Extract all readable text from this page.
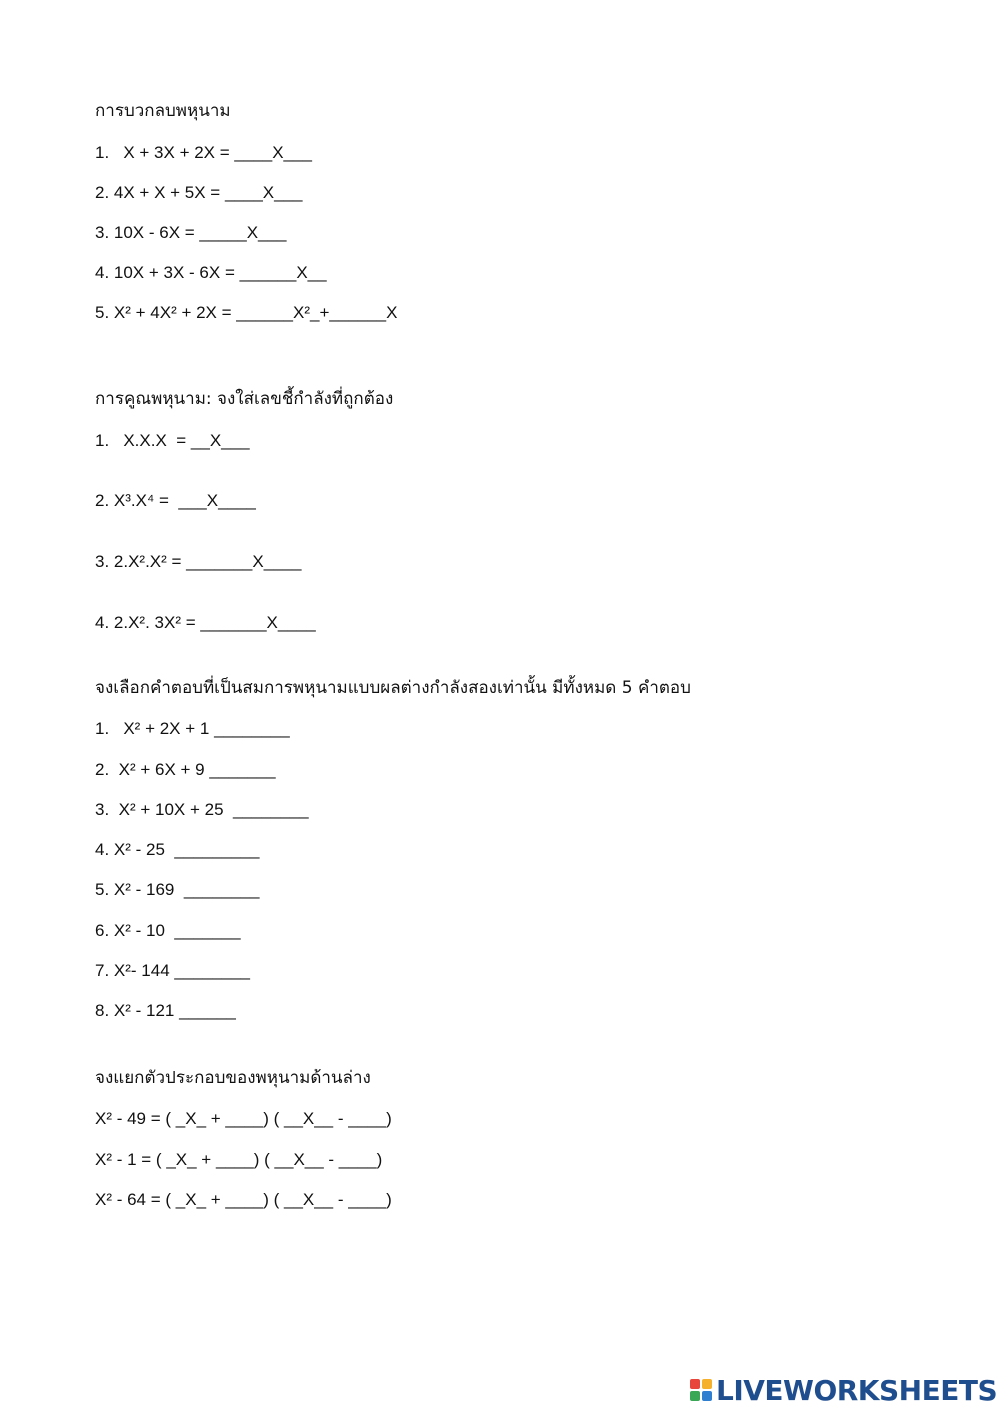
การบวกลบพหุนาม
1.   X + 3X + 2X = ____X___
2. 4X + X + 5X = ____X___
3. 10X - 6X = _____X___
4. 10X + 3X - 6X = ______X__
5. X² + 4X² + 2X = ______X²_+______X
การคูณพหุนาม: จงใส่เลขชี้กำลังที่ถูกต้อง
1.   X.X.X  = __X___
2. X³.X⁴ =  ___X____
3. 2.X².X² = _______X____
4. 2.X². 3X² = _______X____
จงเลือกคำตอบที่เป็นสมการพหุนามแบบผลต่างกำลังสองเท่านั้น มีทั้งหมด 5 คำตอบ
1.   X² + 2X + 1 ________
2.  X² + 6X + 9 _______
3.  X² + 10X + 25  ________
4. X² - 25  _________
5. X² - 169  ________
6. X² - 10  _______
7. X²- 144 ________
8. X² - 121 ______
จงแยกตัวประกอบของพหุนามด้านล่าง
X² - 49 = ( _X_ + ____) ( __X__ - ____)
X² - 1 = ( _X_ + ____) ( __X__ - ____)
X² - 64 = ( _X_ + ____) ( __X__ - ____)
LIVEWORKSHEETS
